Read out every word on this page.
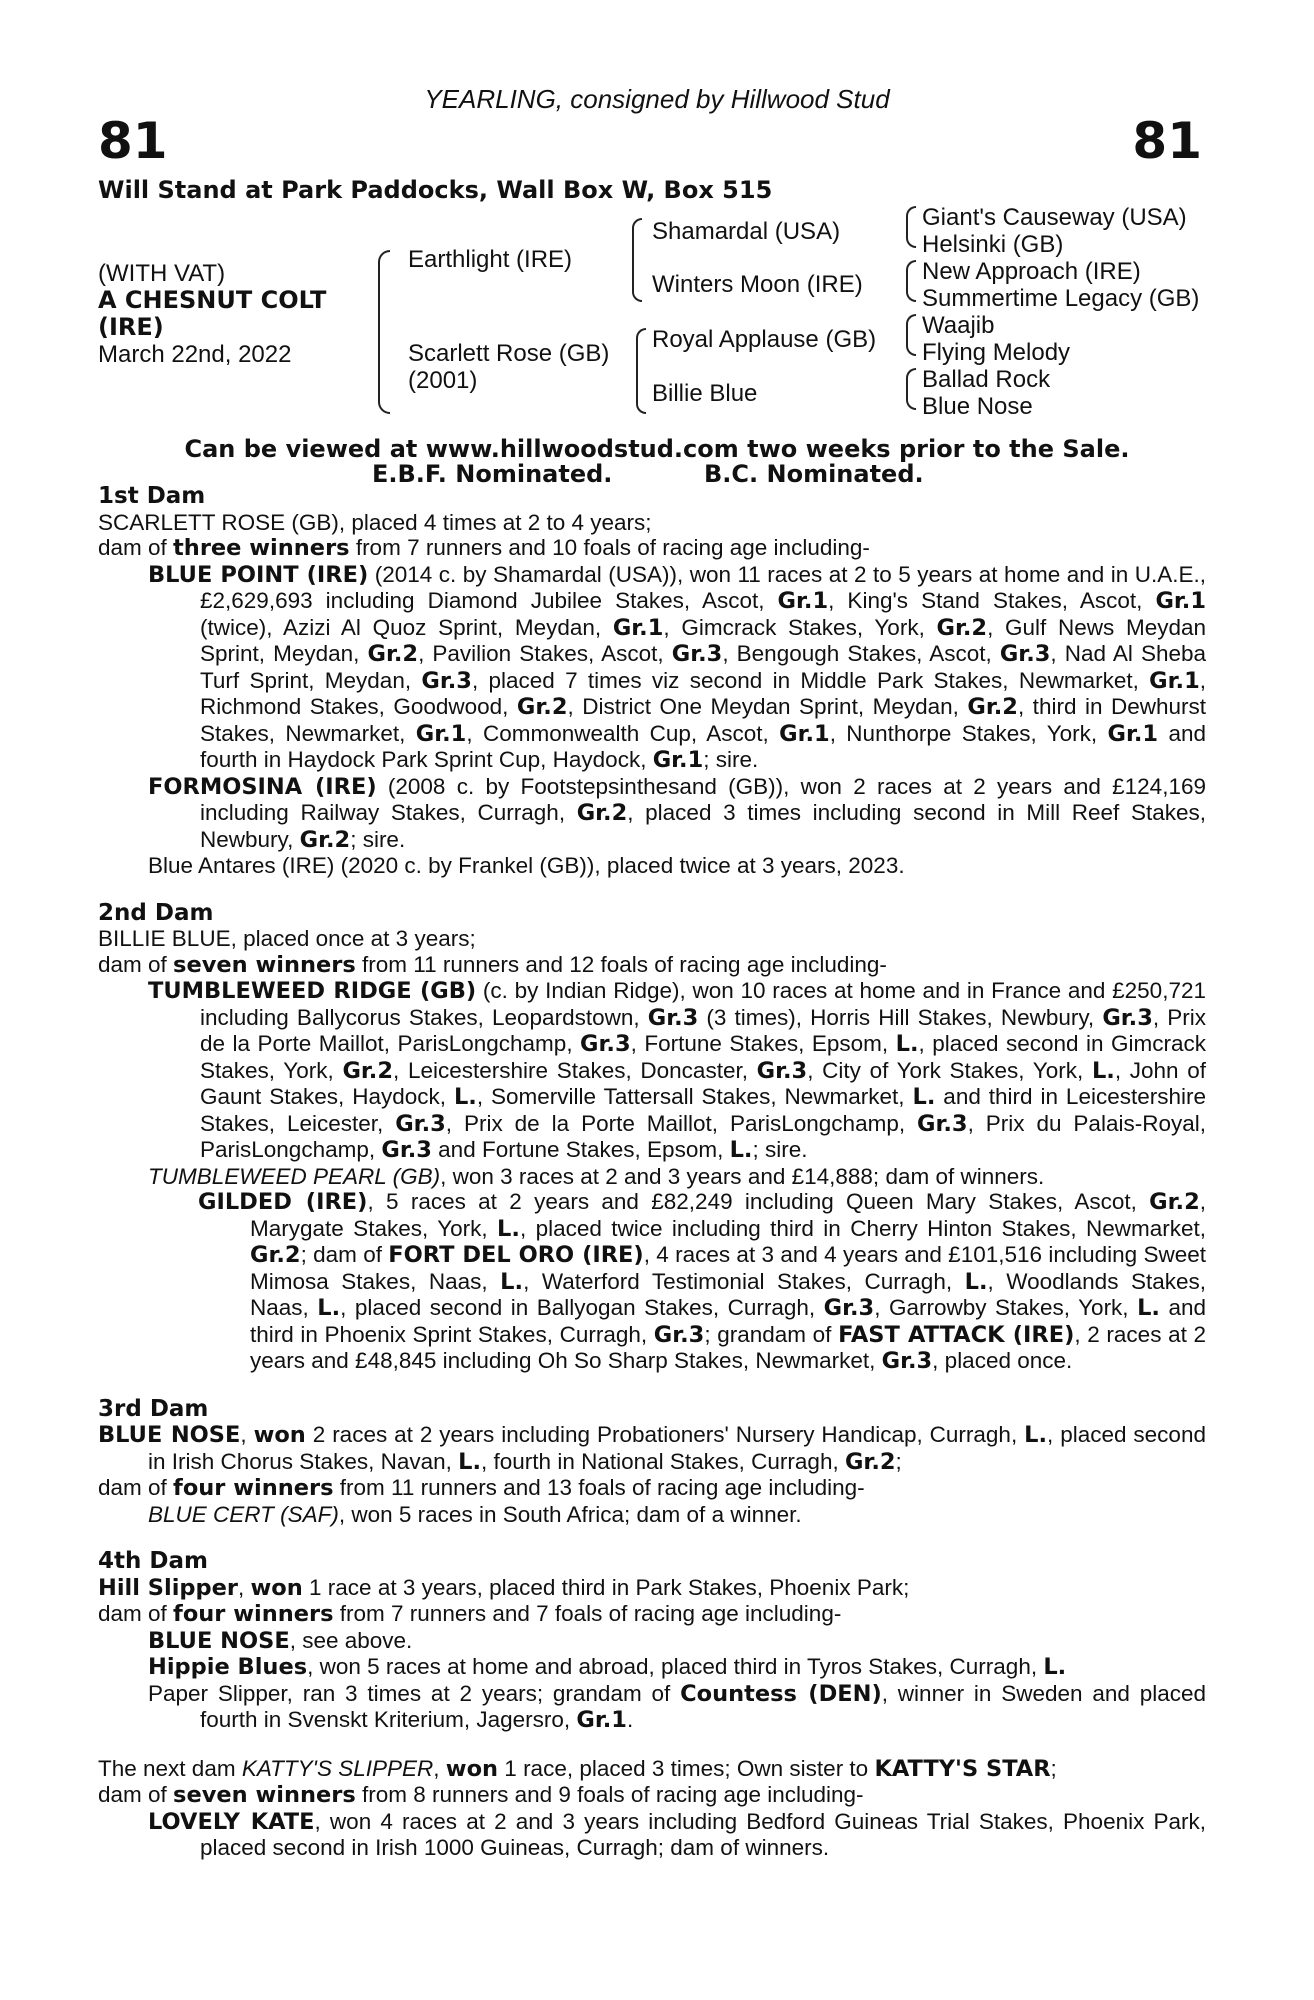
YEARLING, consigned by Hillwood Stud
81	81
Will Stand at Park Paddocks, Wall Box W, Box 515
(WITH VAT)
A CHESNUT COLT
(IRE)
March 22nd, 2022
Earthlight (IRE)
Scarlett Rose (GB)
(2001)
Shamardal (USA)
Winters Moon (IRE)
Royal Applause (GB)
Billie Blue
Giant's Causeway (USA)
Helsinki (GB)
New Approach (IRE)
Summertime Legacy (GB)
Waajib
Flying Melody
Ballad Rock
Blue Nose
Can be viewed at www.hillwoodstud.com two weeks prior to the Sale.
E.B.F. Nominated.	B.C. Nominated.
1st Dam
SCARLETT ROSE (GB), placed 4 times at 2 to 4 years;
dam of three winners from 7 runners and 10 foals of racing age including-
BLUE POINT (IRE) (2014 c. by Shamardal (USA)), won 11 races at 2 to 5 years at home and in U.A.E., £2,629,693 including Diamond Jubilee Stakes, Ascot, Gr.1, King's Stand Stakes, Ascot, Gr.1 (twice), Azizi Al Quoz Sprint, Meydan, Gr.1, Gimcrack Stakes, York, Gr.2, Gulf News Meydan Sprint, Meydan, Gr.2, Pavilion Stakes, Ascot, Gr.3, Bengough Stakes, Ascot, Gr.3, Nad Al Sheba Turf Sprint, Meydan, Gr.3, placed 7 times viz second in Middle Park Stakes, Newmarket, Gr.1, Richmond Stakes, Goodwood, Gr.2, District One Meydan Sprint, Meydan, Gr.2, third in Dewhurst Stakes, Newmarket, Gr.1, Commonwealth Cup, Ascot, Gr.1, Nunthorpe Stakes, York, Gr.1 and fourth in Haydock Park Sprint Cup, Haydock, Gr.1; sire.
FORMOSINA (IRE) (2008 c. by Footstepsinthesand (GB)), won 2 races at 2 years and £124,169 including Railway Stakes, Curragh, Gr.2, placed 3 times including second in Mill Reef Stakes, Newbury, Gr.2; sire.
Blue Antares (IRE) (2020 c. by Frankel (GB)), placed twice at 3 years, 2023.
2nd Dam
BILLIE BLUE, placed once at 3 years;
dam of seven winners from 11 runners and 12 foals of racing age including-
TUMBLEWEED RIDGE (GB) (c. by Indian Ridge), won 10 races at home and in France and £250,721 including Ballycorus Stakes, Leopardstown, Gr.3 (3 times), Horris Hill Stakes, Newbury, Gr.3, Prix de la Porte Maillot, ParisLongchamp, Gr.3, Fortune Stakes, Epsom, L., placed second in Gimcrack Stakes, York, Gr.2, Leicestershire Stakes, Doncaster, Gr.3, City of York Stakes, York, L., John of Gaunt Stakes, Haydock, L., Somerville Tattersall Stakes, Newmarket, L. and third in Leicestershire Stakes, Leicester, Gr.3, Prix de la Porte Maillot, ParisLongchamp, Gr.3, Prix du Palais-Royal, ParisLongchamp, Gr.3 and Fortune Stakes, Epsom, L.; sire.
TUMBLEWEED PEARL (GB), won 3 races at 2 and 3 years and £14,888; dam of winners.
GILDED (IRE), 5 races at 2 years and £82,249 including Queen Mary Stakes, Ascot, Gr.2, Marygate Stakes, York, L., placed twice including third in Cherry Hinton Stakes, Newmarket, Gr.2; dam of FORT DEL ORO (IRE), 4 races at 3 and 4 years and £101,516 including Sweet Mimosa Stakes, Naas, L., Waterford Testimonial Stakes, Curragh, L., Woodlands Stakes, Naas, L., placed second in Ballyogan Stakes, Curragh, Gr.3, Garrowby Stakes, York, L. and third in Phoenix Sprint Stakes, Curragh, Gr.3; grandam of FAST ATTACK (IRE), 2 races at 2 years and £48,845 including Oh So Sharp Stakes, Newmarket, Gr.3, placed once.
3rd Dam
BLUE NOSE, won 2 races at 2 years including Probationers' Nursery Handicap, Curragh, L., placed second in Irish Chorus Stakes, Navan, L., fourth in National Stakes, Curragh, Gr.2;
dam of four winners from 11 runners and 13 foals of racing age including-
BLUE CERT (SAF), won 5 races in South Africa; dam of a winner.
4th Dam
Hill Slipper, won 1 race at 3 years, placed third in Park Stakes, Phoenix Park;
dam of four winners from 7 runners and 7 foals of racing age including-
BLUE NOSE, see above.
Hippie Blues, won 5 races at home and abroad, placed third in Tyros Stakes, Curragh, L.
Paper Slipper, ran 3 times at 2 years; grandam of Countess (DEN), winner in Sweden and placed fourth in Svenskt Kriterium, Jagersro, Gr.1.
The next dam KATTY'S SLIPPER, won 1 race, placed 3 times; Own sister to KATTY'S STAR;
dam of seven winners from 8 runners and 9 foals of racing age including-
LOVELY KATE, won 4 races at 2 and 3 years including Bedford Guineas Trial Stakes, Phoenix Park, placed second in Irish 1000 Guineas, Curragh; dam of winners.
